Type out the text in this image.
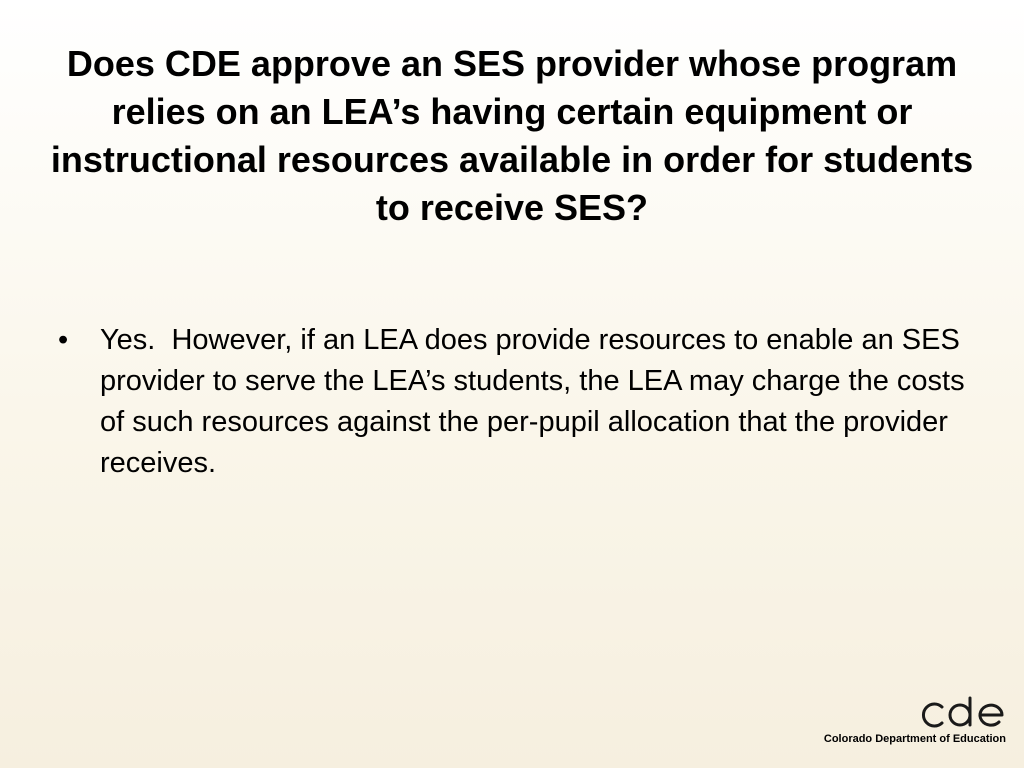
Does CDE approve an SES provider whose program relies on an LEA’s having certain equipment or instructional resources available in order for students to receive SES?
•	Yes.  However, if an LEA does provide resources to enable an SES provider to serve the LEA’s students, the LEA may charge the costs of such resources against the per-pupil allocation that the provider receives.
Colorado Department of Education
